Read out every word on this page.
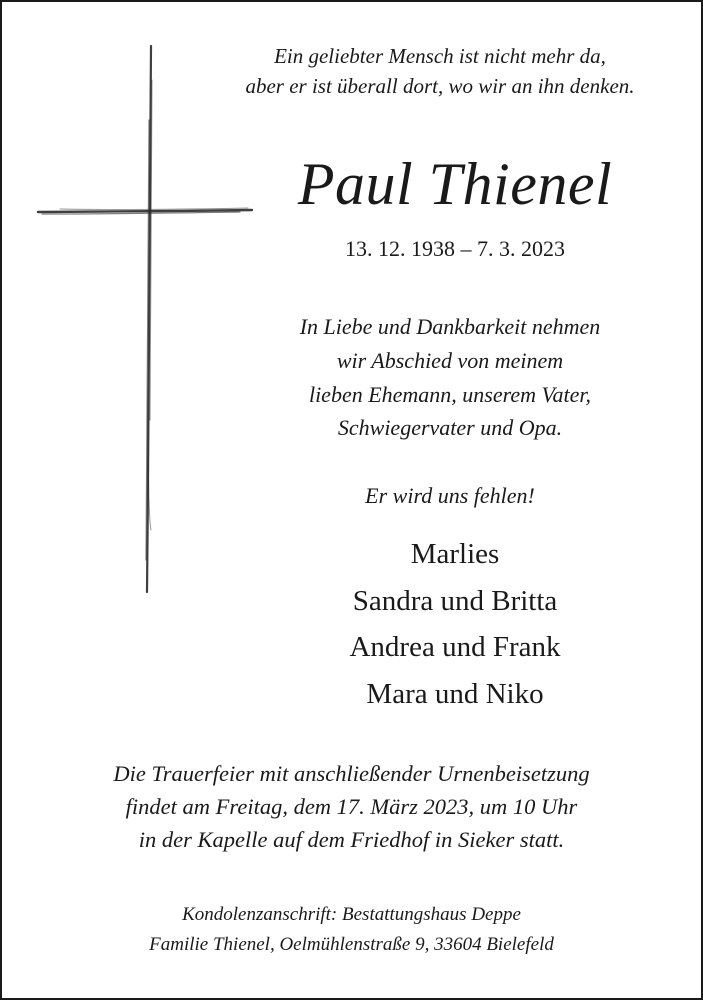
Ein geliebter Mensch ist nicht mehr da,
aber er ist überall dort, wo wir an ihn denken.
Paul Thienel
13. 12. 1938 – 7. 3. 2023
In Liebe und Dankbarkeit nehmen
wir Abschied von meinem
lieben Ehemann, unserem Vater,
Schwiegervater und Opa.
Er wird uns fehlen!
Marlies
Sandra und Britta
Andrea und Frank
Mara und Niko
Die Trauerfeier mit anschließender Urnenbeisetzung
findet am Freitag, dem 17. März 2023, um 10 Uhr
in der Kapelle auf dem Friedhof in Sieker statt.
Kondolenzanschrift: Bestattungshaus Deppe
Familie Thienel, Oelmühlenstraße 9, 33604 Bielefeld
